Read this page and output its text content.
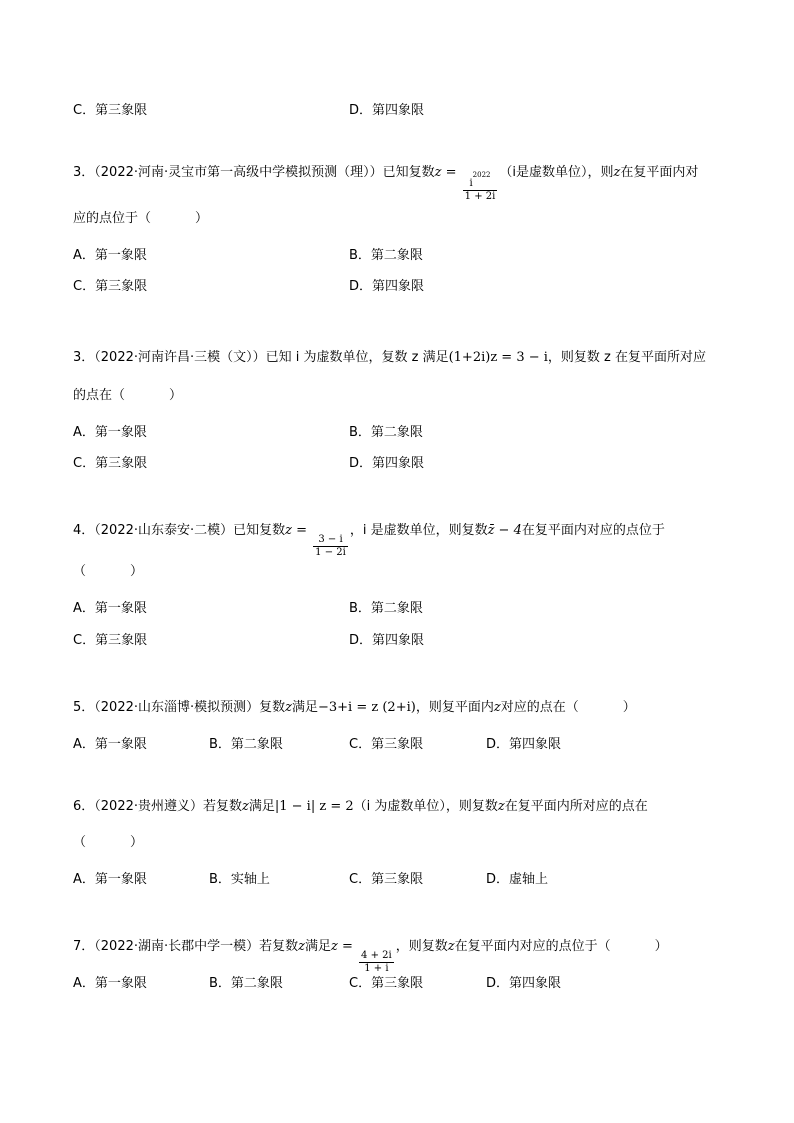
C．第三象限	D．第四象限
3．（2022·河南·灵宝市第一高级中学模拟预测（理））已知复数$z = \frac{i^{2022}}{1 + 2i} (i$是虚数单位），则z在复平面内对
应的点位于（	）
A．第一象限	B．第二象限
C．第三象限	D．第四象限
3．（2022·河南许昌·三模（文））已知 i 为虚数单位，复数 z 满足(1+2i)z = 3 − i，则复数 z 在复平面所对应
的点在（	）
A．第一象限	B．第二象限
C．第三象限	D．第四象限
4．（2022·山东泰安·二模）已知复数z =
$\frac{3 - i}{1 - 2i}$
，i 是虚数单位，则复数z̄ − 4在复平面内对应的点位于
（	）
A．第一象限	B．第二象限
C．第三象限	D．第四象限
5．（2022·山东淄博·模拟预测）复数z满足−3+i = z (2+i)，则复平面内z对应的点在（	）
A．第一象限	B．第二象限	C．第三象限	D．第四象限
6．（2022·贵州遵义）若复数z满足|1 − i| z = 2（i 为虚数单位），则复数z在复平面内所对应的点在
（	）
A．第一象限	B．实轴上	C．第三象限	D．虚轴上
7．（2022·湖南·长郡中学一模）若复数z满足z =
$\frac{4 + 2i}{1 + i}$
，则复数z在复平面内对应的点位于（	）
A．第一象限	B．第二象限	C．第三象限	D．第四象限
